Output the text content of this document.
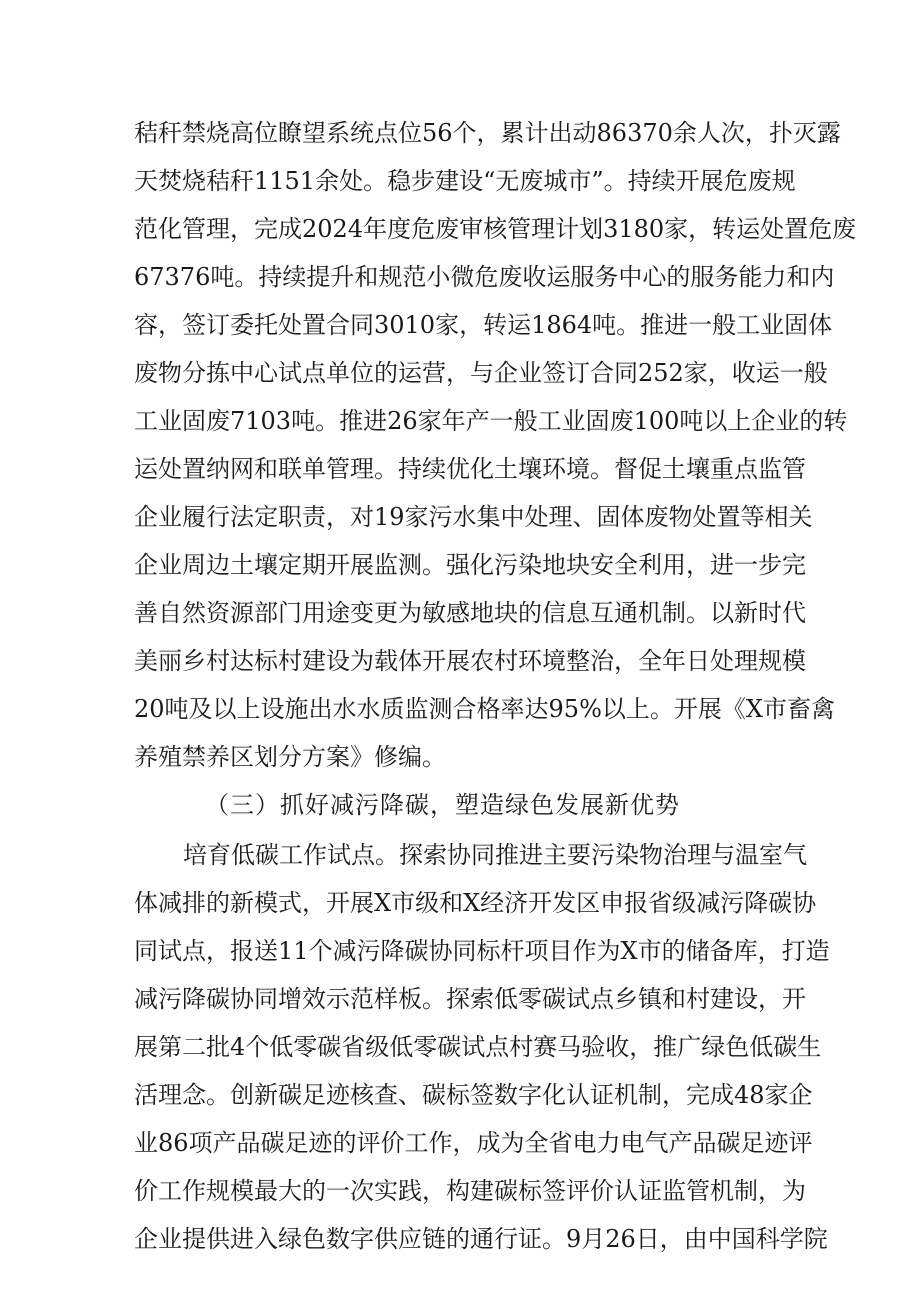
秸秆禁烧高位瞭望系统点位56个，累计出动86370余人次，扑灭露
天焚烧秸秆1151余处。稳步建设“无废城市”。持续开展危废规
范化管理，完成2024年度危废审核管理计划3180家，转运处置危废
67376吨。持续提升和规范小微危废收运服务中心的服务能力和内
容，签订委托处置合同3010家，转运1864吨。推进一般工业固体
废物分拣中心试点单位的运营，与企业签订合同252家，收运一般
工业固废7103吨。推进26家年产一般工业固废100吨以上企业的转
运处置纳网和联单管理。持续优化土壤环境。督促土壤重点监管
企业履行法定职责，对19家污水集中处理、固体废物处置等相关
企业周边土壤定期开展监测。强化污染地块安全利用，进一步完
善自然资源部门用途变更为敏感地块的信息互通机制。以新时代
美丽乡村达标村建设为载体开展农村环境整治，全年日处理规模
20吨及以上设施出水水质监测合格率达95%以上。开展《X市畜禽
养殖禁养区划分方案》修编。
（三）抓好减污降碳，塑造绿色发展新优势
培育低碳工作试点。探索协同推进主要污染物治理与温室气
体减排的新模式，开展X市级和X经济开发区申报省级减污降碳协
同试点，报送11个减污降碳协同标杆项目作为X市的储备库，打造
减污降碳协同增效示范样板。探索低零碳试点乡镇和村建设，开
展第二批4个低零碳省级低零碳试点村赛马验收，推广绿色低碳生
活理念。创新碳足迹核查、碳标签数字化认证机制，完成48家企
业86项产品碳足迹的评价工作，成为全省电力电气产品碳足迹评
价工作规模最大的一次实践，构建碳标签评价认证监管机制，为
企业提供进入绿色数字供应链的通行证。9月26日，由中国科学院
